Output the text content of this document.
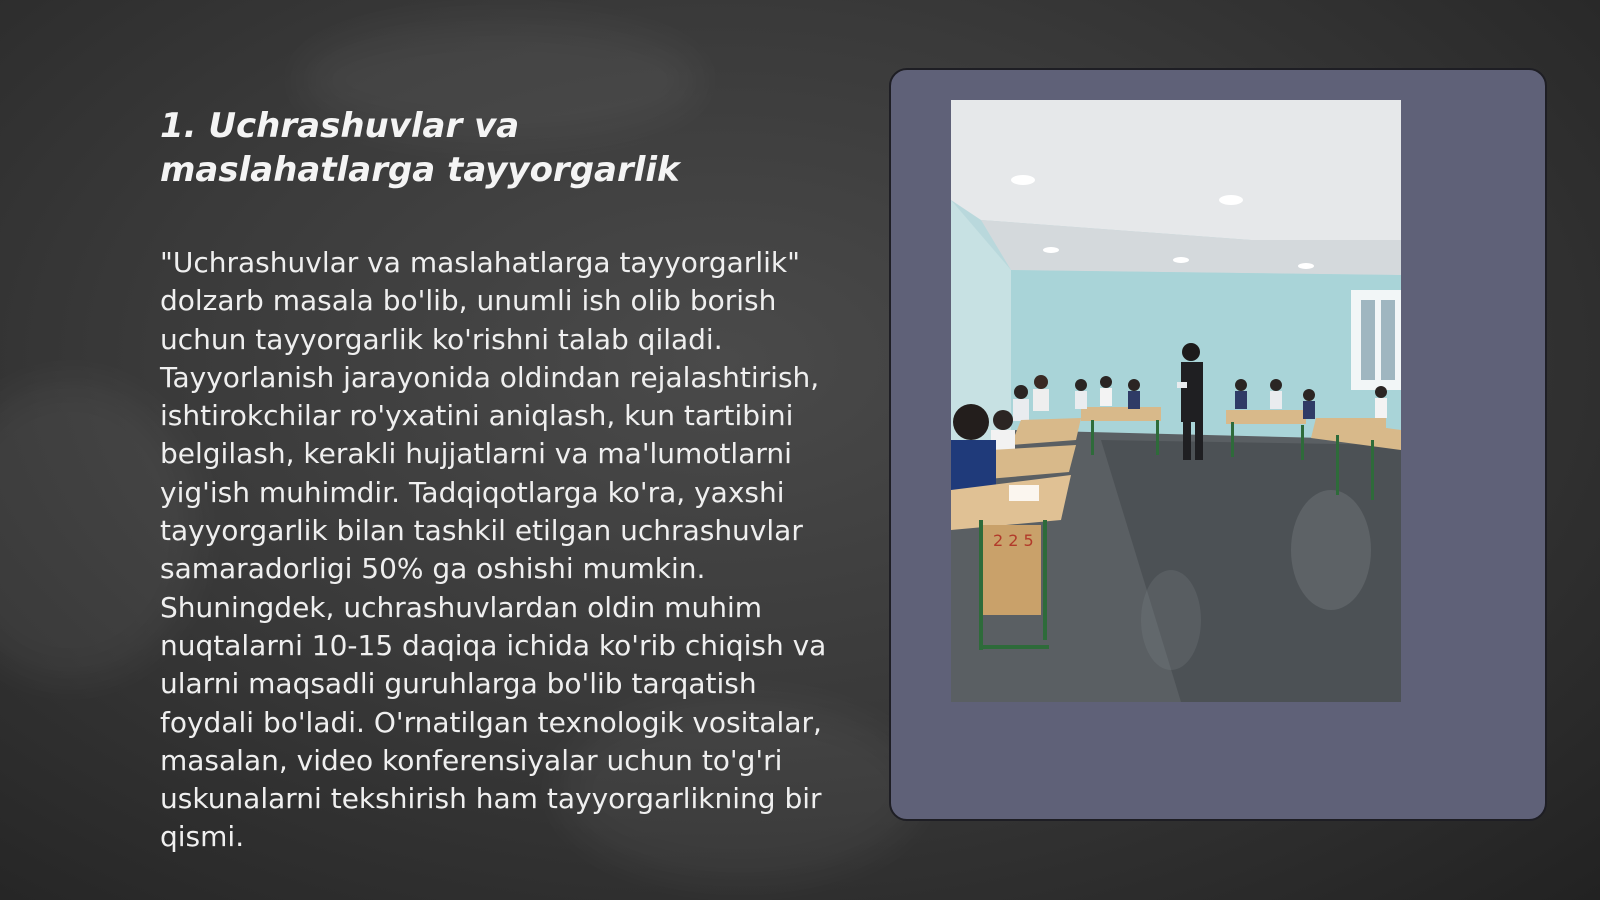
1. Uchrashuvlar va maslahatlarga tayyorgarlik

"Uchrashuvlar va maslahatlarga tayyorgarlik" dolzarb masala bo'lib, unumli ish olib borish uchun tayyorgarlik ko'rishni talab qiladi. Tayyorlanish jarayonida oldindan rejalashtirish, ishtirokchilar ro'yxatini aniqlash, kun tartibini belgilash, kerakli hujjatlarni va ma'lumotlarni yig'ish muhimdir. Tadqiqotlarga ko'ra, yaxshi tayyorgarlik bilan tashkil etilgan uchrashuvlar samaradorligi 50% ga oshishi mumkin. Shuningdek, uchrashuvlardan oldin muhim nuqtalarni 10-15 daqiqa ichida ko'rib chiqish va ularni maqsadli guruhlarga bo'lib tarqatish foydali bo'ladi. O'rnatilgan texnologik vositalar, masalan, video konferensiyalar uchun to'g'ri uskunalarni tekshirish ham tayyorgarlikning bir qismi.

2 2 5
